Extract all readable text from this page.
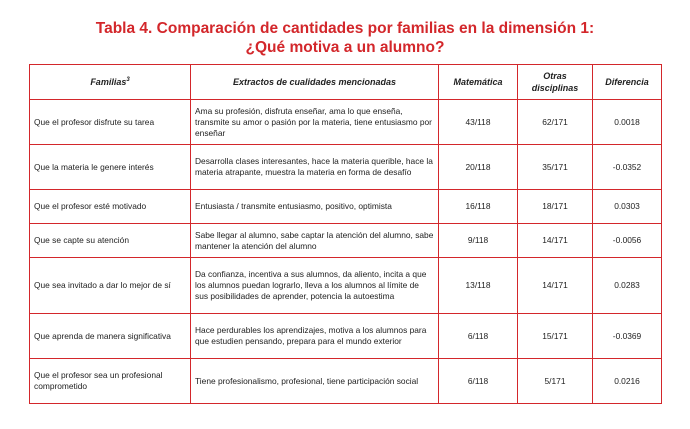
Tabla 4. Comparación de cantidades por familias en la dimensión 1:
¿Qué motiva a un alumno?
Familias$^3$	Extractos de cualidades mencionadas	Matemática	Otras disciplinas	Diferencia
Que el profesor disfrute su tarea	Ama su profesión, disfruta enseñar, ama lo que enseña, transmite su amor o pasión por la materia, tiene entusiasmo por enseñar	43/118	62/171	0.0018
Que la materia le genere interés	Desarrolla clases interesantes, hace la materia querible, hace la materia atrapante, muestra la materia en forma de desafío	20/118	35/171	-0.0352
Que el profesor esté motivado	Entusiasta / transmite entusiasmo, positivo, optimista	16/118	18/171	0.0303
Que se capte su atención	Sabe llegar al alumno, sabe captar la atención del alumno, sabe mantener la atención del alumno	9/118	14/171	-0.0056
Que sea invitado a dar lo mejor de sí	Da confianza, incentiva a sus alumnos, da aliento, incita a que los alumnos puedan lograrlo, lleva a los alumnos al límite de sus posibilidades de aprender, potencia la autoestima	13/118	14/171	0.0283
Que aprenda de manera significativa	Hace perdurables los aprendizajes, motiva a los alumnos para que estudien pensando, prepara para el mundo exterior	6/118	15/171	-0.0369
Que el profesor sea un profesional comprometido	Tiene profesionalismo, profesional, tiene participación social	6/118	5/171	0.0216
